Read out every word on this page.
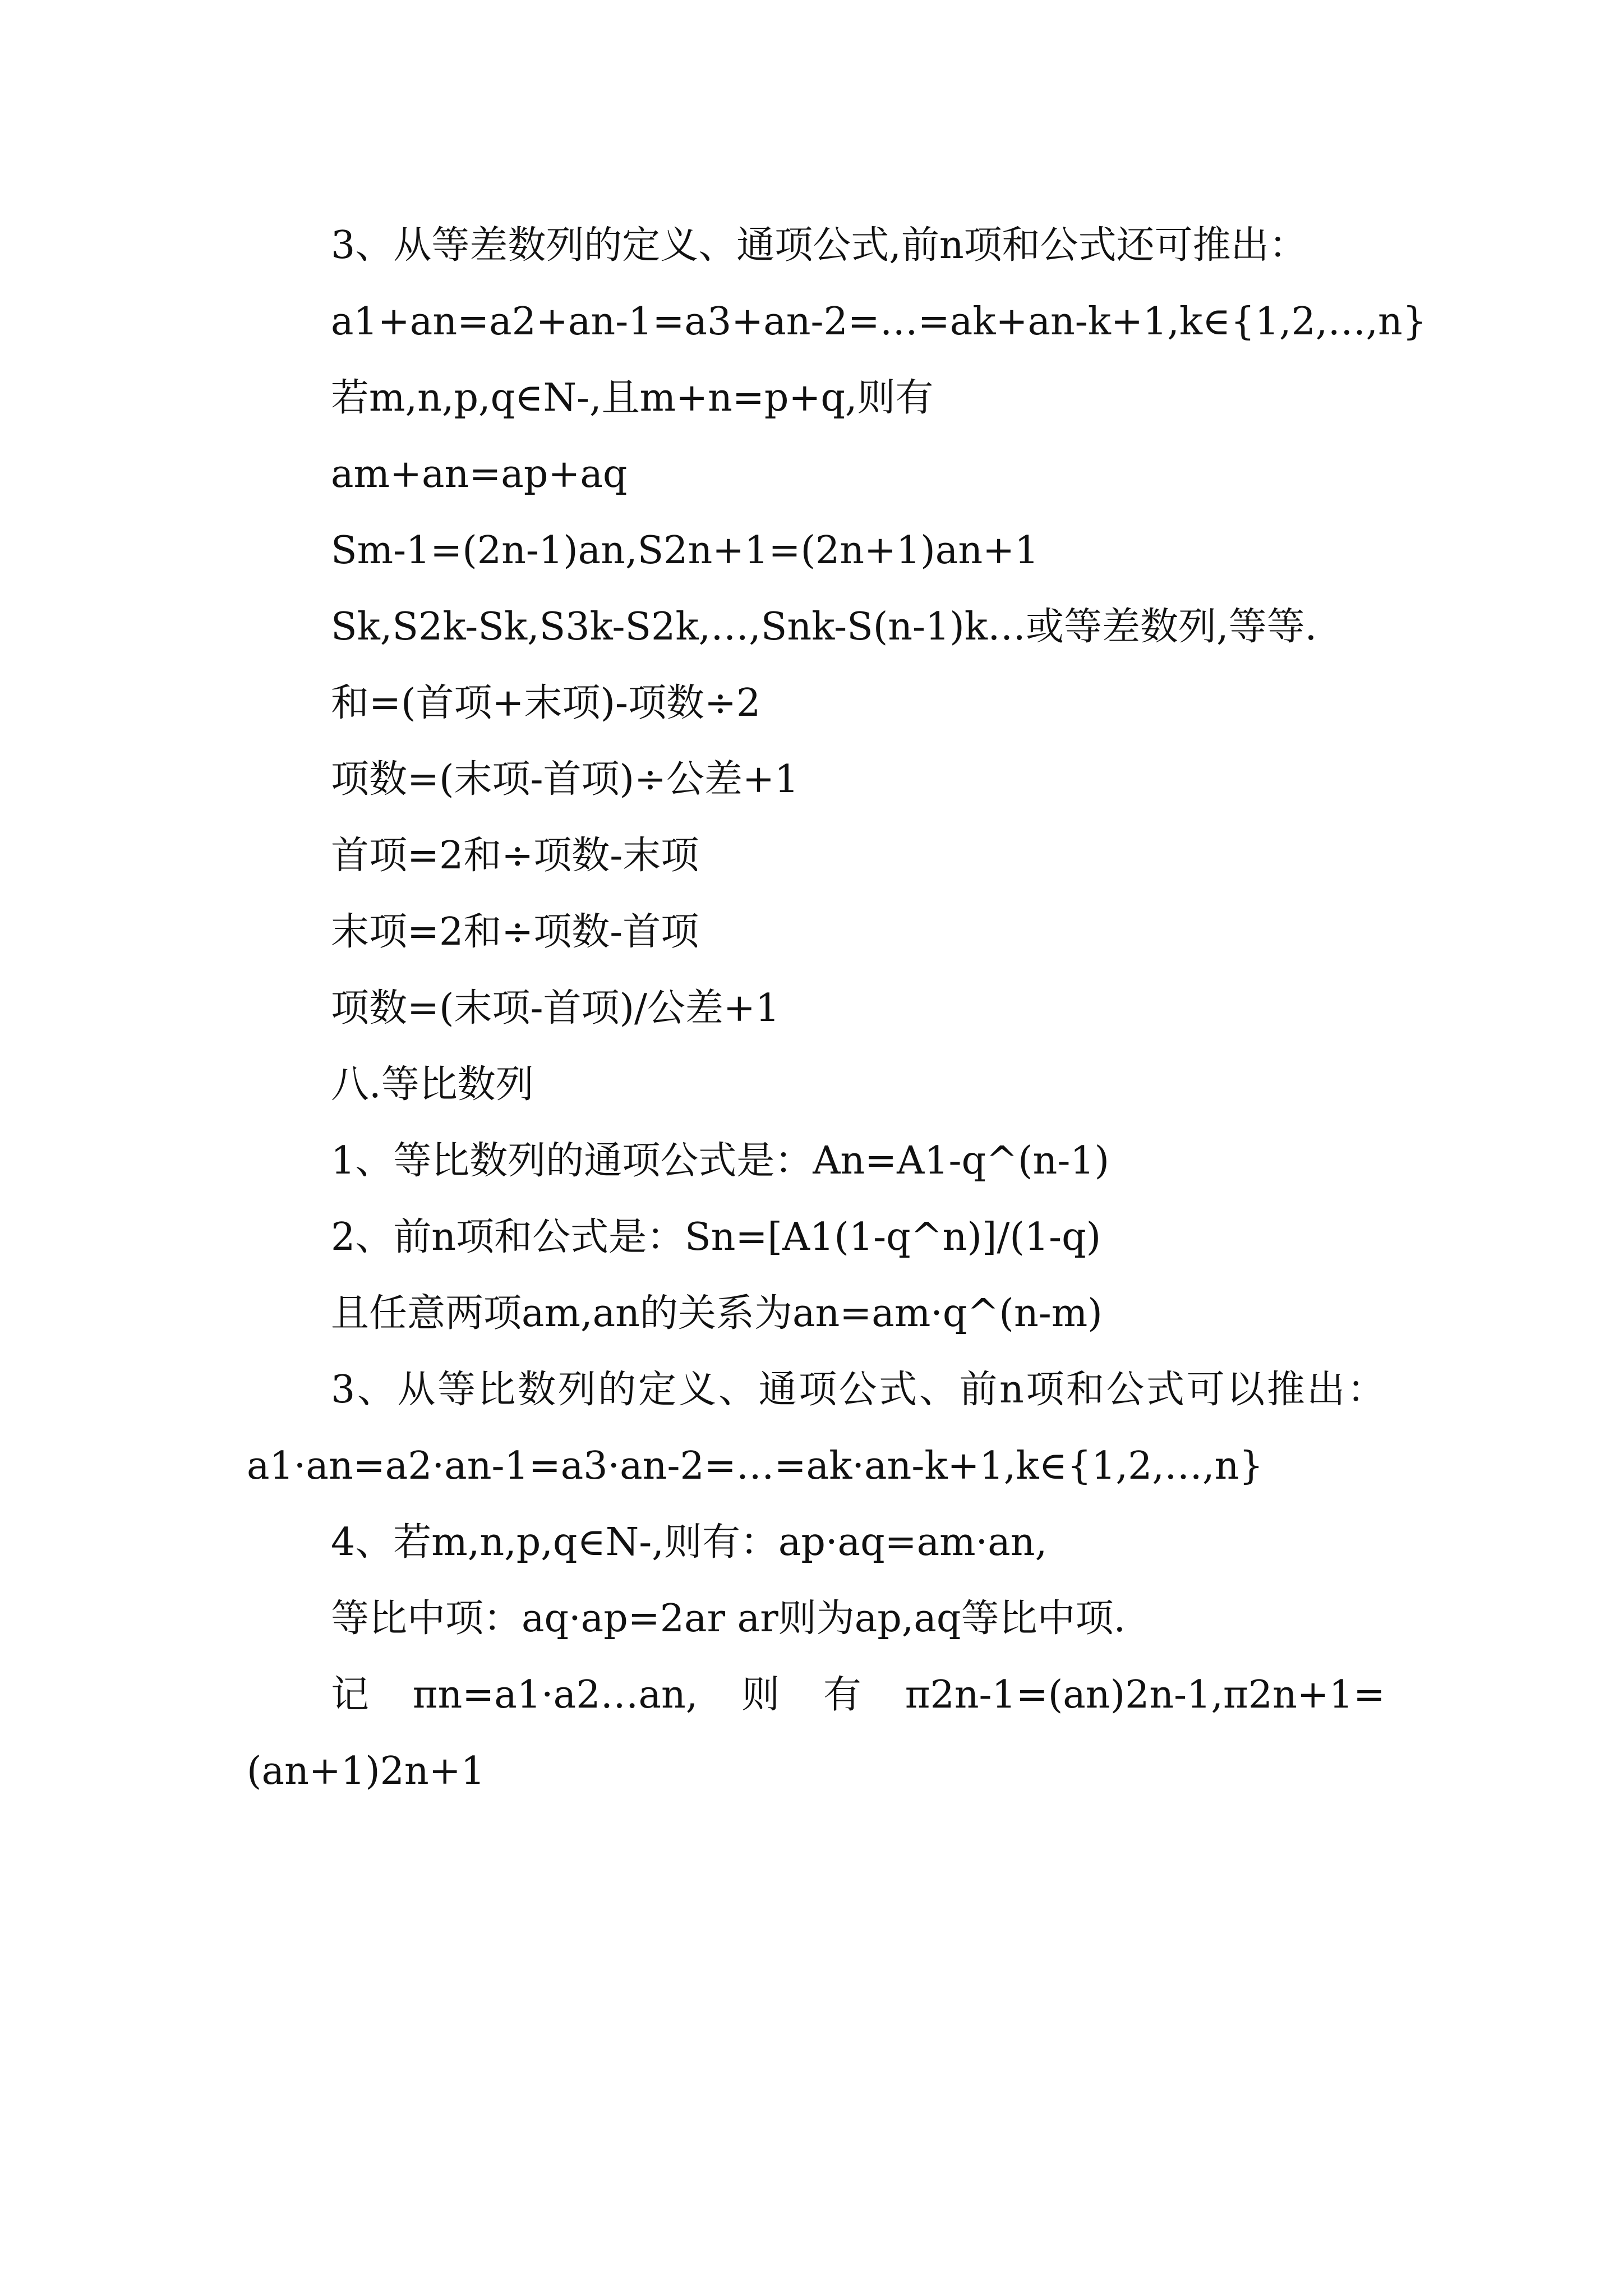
3、从等差数列的定义、通项公式,前n项和公式还可推出：

a1+an=a2+an-1=a3+an-2=…=ak+an-k+1,k∈{1,2,…,n}

若m,n,p,q∈N-,且m+n=p+q,则有

am+an=ap+aq

Sm-1=(2n-1)an,S2n+1=(2n+1)an+1

Sk,S2k-Sk,S3k-S2k,…,Snk-S(n-1)k…或等差数列,等等.

和=(首项+末项)-项数÷2

项数=(末项-首项)÷公差+1

首项=2和÷项数-末项

末项=2和÷项数-首项

项数=(末项-首项)/公差+1

八.等比数列

1、等比数列的通项公式是：An=A1-q^(n-1)

2、前n项和公式是：Sn=[A1(1-q^n)]/(1-q)

且任意两项am,an的关系为an=am·q^(n-m)

3、从等比数列的定义、通项公式、前n项和公式可以推出：a1·an=a2·an-1=a3·an-2=…=ak·an-k+1,k∈{1,2,…,n}

4、若m,n,p,q∈N-,则有：ap·aq=am·an,

等比中项：aq·ap=2ar ar则为ap,aq等比中项.

记πn=a1·a2…an,则有π2n-1=(an)2n-1,π2n+1=(an+1)2n+1
